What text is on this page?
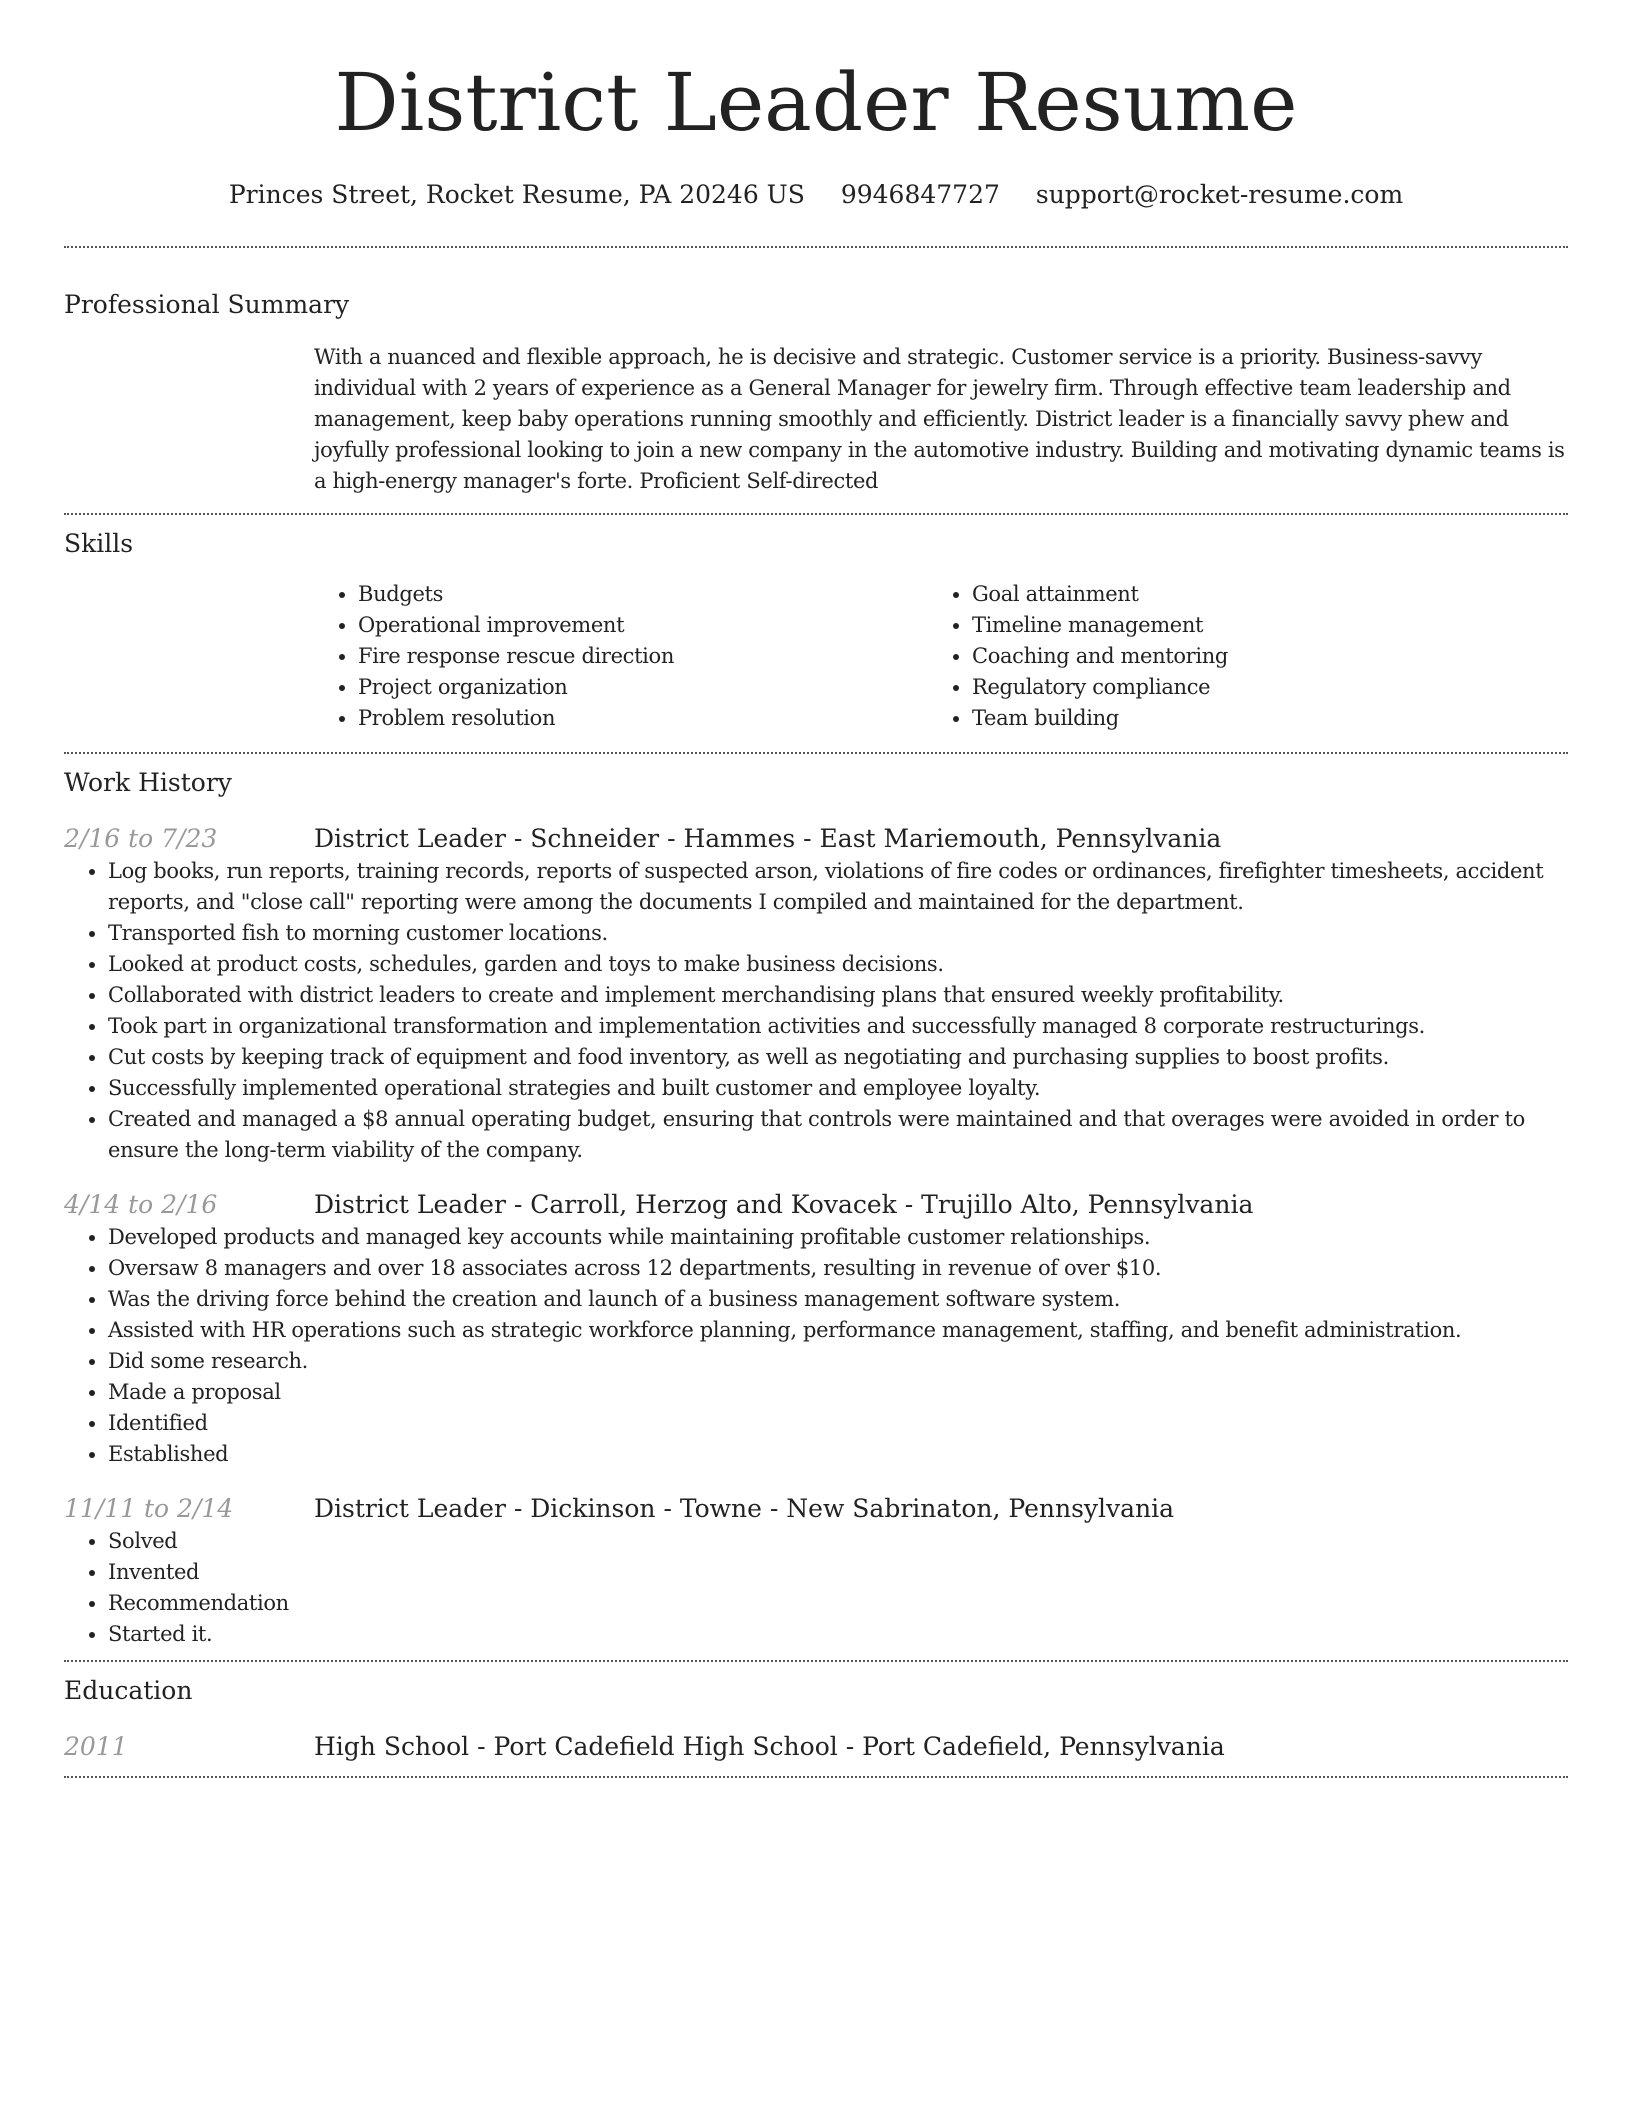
District Leader Resume
Princes Street, Rocket Resume, PA 20246 US 9946847727 support@rocket-resume.com
Professional Summary

With a nuanced and flexible approach, he is decisive and strategic. Customer service is a priority. Business-savvy individual with 2 years of experience as a General Manager for jewelry firm. Through effective team leadership and management, keep baby operations running smoothly and efficiently. District leader is a financially savvy phew and joyfully professional looking to join a new company in the automotive industry. Building and motivating dynamic teams is a high-energy manager's forte. Proficient Self-directed

Skills
• Budgets
• Operational improvement
• Fire response rescue direction
• Project organization
• Problem resolution
• Goal attainment
• Timeline management
• Coaching and mentoring
• Regulatory compliance
• Team building
Work History
2/16 to 7/23	District Leader - Schneider - Hammes - East Mariemouth, Pennsylvania
• Log books, run reports, training records, reports of suspected arson, violations of fire codes or ordinances, firefighter timesheets, accident reports, and "close call" reporting were among the documents I compiled and maintained for the department.
• Transported fish to morning customer locations.
• Looked at product costs, schedules, garden and toys to make business decisions.
• Collaborated with district leaders to create and implement merchandising plans that ensured weekly profitability.
• Took part in organizational transformation and implementation activities and successfully managed 8 corporate restructurings.
• Cut costs by keeping track of equipment and food inventory, as well as negotiating and purchasing supplies to boost profits.
• Successfully implemented operational strategies and built customer and employee loyalty.
• Created and managed a $8 annual operating budget, ensuring that controls were maintained and that overages were avoided in order to ensure the long-term viability of the company.
4/14 to 2/16	District Leader - Carroll, Herzog and Kovacek - Trujillo Alto, Pennsylvania
• Developed products and managed key accounts while maintaining profitable customer relationships.
• Oversaw 8 managers and over 18 associates across 12 departments, resulting in revenue of over $10.
• Was the driving force behind the creation and launch of a business management software system.
• Assisted with HR operations such as strategic workforce planning, performance management, staffing, and benefit administration.
• Did some research.
• Made a proposal
• Identified
• Established
11/11 to 2/14	District Leader - Dickinson - Towne - New Sabrinaton, Pennsylvania
• Solved
• Invented
• Recommendation
• Started it.
Education
2011	High School - Port Cadefield High School - Port Cadefield, Pennsylvania
